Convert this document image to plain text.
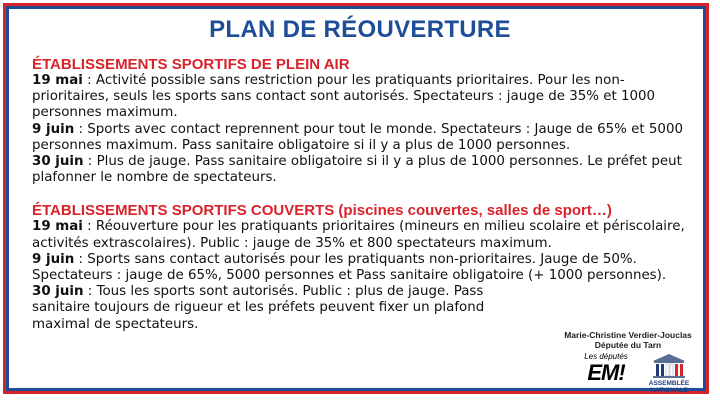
PLAN DE RÉOUVERTURE
ÉTABLISSEMENTS SPORTIFS DE PLEIN AIR

19 mai : Activité possible sans restriction pour les pratiquants prioritaires. Pour les non-prioritaires, seuls les sports sans contact sont autorisés. Spectateurs : jauge de 35% et 1000 personnes maximum.

9 juin : Sports avec contact reprennent pour tout le monde. Spectateurs : Jauge de 65% et 5000 personnes maximum. Pass sanitaire obligatoire si il y a plus de 1000 personnes.

30 juin : Plus de jauge. Pass sanitaire obligatoire si il y a plus de 1000 personnes. Le préfet peut plafonner le nombre de spectateurs.

ÉTABLISSEMENTS SPORTIFS COUVERTS (piscines couvertes, salles de sport…)

19 mai : Réouverture pour les pratiquants prioritaires (mineurs en milieu scolaire et périscolaire, activités extrascolaires). Public : jauge de 35% et 800 spectateurs maximum.

9 juin : Sports sans contact autorisés pour les pratiquants non-prioritaires. Jauge de 50%. Spectateurs : jauge de 65%, 5000 personnes et Pass sanitaire obligatoire (+ 1000 personnes).

30 juin : Tous les sports sont autorisés. Public : plus de jauge. Pass sanitaire toujours de rigueur et les préfets peuvent fixer un plafond maximal de spectateurs.

Marie-Christine Verdier-Jouclas
Députée du Tarn
Les députés
EM!	ASSEMBLÉE
NATIONALE
